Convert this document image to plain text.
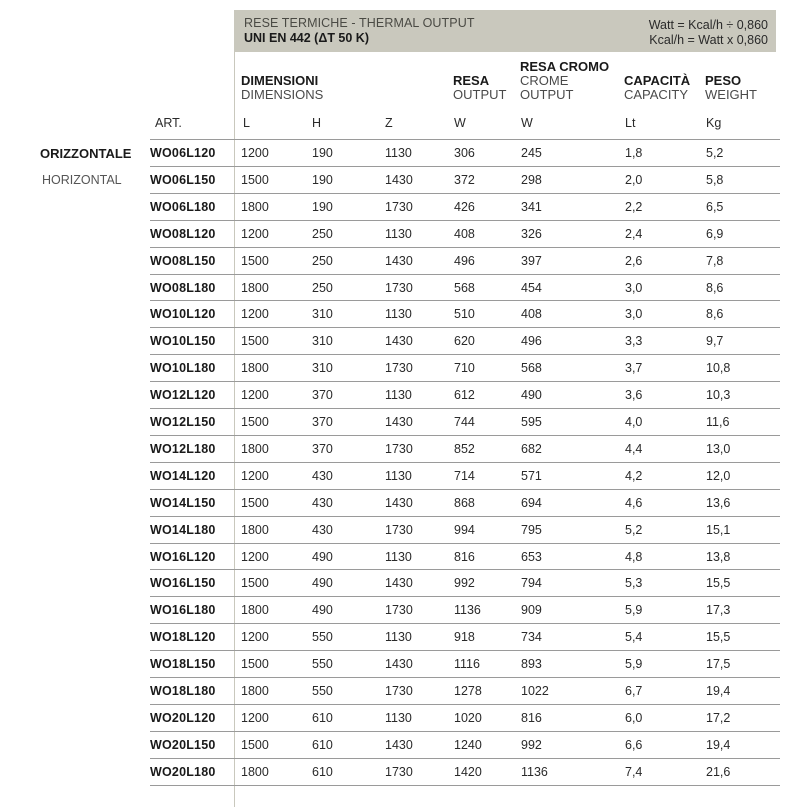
RESE TERMICHE - THERMAL OUTPUT
UNI EN 442 (ΔT 50 K)
Watt = Kcal/h ÷ 0,860
Kcal/h = Watt x 0,860
DIMENSIONI
DIMENSIONS
RESA
OUTPUT
RESA CROMO
CROME
OUTPUT
CAPACITÀ
CAPACITY
PESO
WEIGHT
ART.	L	H	Z	W	W	Lt	Kg
ORIZZONTALE
HORIZONTAL
WO06L120 1200	190	1130	306	245	1,8	5,2
WO06L150 1500	190	1430	372	298	2,0	5,8
WO06L180 1800	190	1730	426	341	2,2	6,5
WO08L120 1200	250	1130	408	326	2,4	6,9
WO08L150 1500	250	1430	496	397	2,6	7,8
WO08L180 1800	250	1730	568	454	3,0	8,6
WO10L120 1200	310	1130	510	408	3,0	8,6
WO10L150 1500	310	1430	620	496	3,3	9,7
WO10L180 1800	310	1730	710	568	3,7	10,8
WO12L120 1200	370	1130	612	490	3,6	10,3
WO12L150 1500	370	1430	744	595	4,0	11,6
WO12L180 1800	370	1730	852	682	4,4	13,0
WO14L120 1200	430	1130	714	571	4,2	12,0
WO14L150 1500	430	1430	868	694	4,6	13,6
WO14L180 1800	430	1730	994	795	5,2	15,1
WO16L120 1200	490	1130	816	653	4,8	13,8
WO16L150 1500	490	1430	992	794	5,3	15,5
WO16L180 1800	490	1730	1136	909	5,9	17,3
WO18L120 1200	550	1130	918	734	5,4	15,5
WO18L150 1500	550	1430	1116	893	5,9	17,5
WO18L180 1800	550	1730	1278	1022	6,7	19,4
WO20L120 1200	610	1130	1020	816	6,0	17,2
WO20L150 1500	610	1430	1240	992	6,6	19,4
WO20L180 1800	610	1730	1420	1136	7,4	21,6
